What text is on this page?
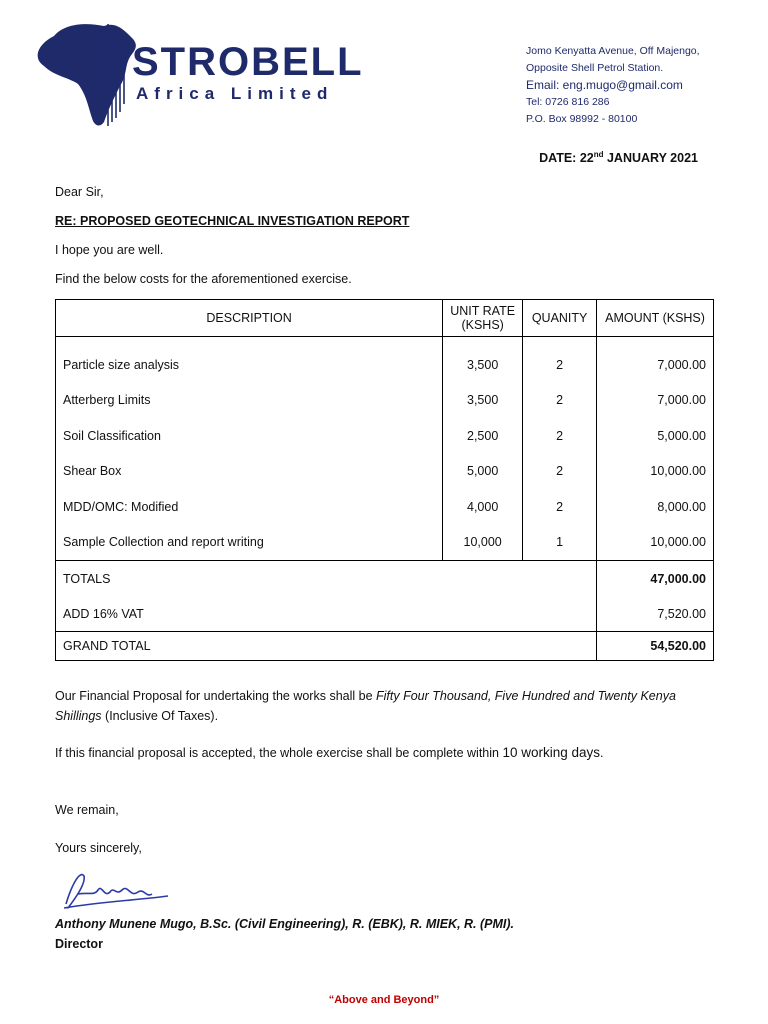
STROBELL
Africa Limited
Jomo Kenyatta Avenue, Off Majengo,
Opposite Shell Petrol Station.
Email: eng.mugo@gmail.com
Tel: 0726 816 286
P.O. Box 98992 - 80100
DATE: 22nd JANUARY 2021
Dear Sir,
RE: PROPOSED GEOTECHNICAL INVESTIGATION REPORT
I hope you are well.
Find the below costs for the aforementioned exercise.
DESCRIPTION	UNIT RATE (KSHS)	QUANITY	AMOUNT (KSHS)
Particle size analysis	3,500	2	7,000.00
Atterberg Limits	3,500	2	7,000.00
Soil Classification	2,500	2	5,000.00
Shear Box	5,000	2	10,000.00
MDD/OMC: Modified	4,000	2	8,000.00
Sample Collection and report writing	10,000	1	10,000.00
TOTALS			47,000.00
ADD 16% VAT			7,520.00
GRAND TOTAL			54,520.00
Our Financial Proposal for undertaking the works shall be Fifty Four Thousand, Five Hundred and Twenty Kenya Shillings (Inclusive Of Taxes).
If this financial proposal is accepted, the whole exercise shall be complete within 10 working days.
We remain,
Yours sincerely,
Anthony Munene Mugo, B.Sc. (Civil Engineering), R. (EBK), R. MIEK, R. (PMI).
Director
“Above and Beyond”
